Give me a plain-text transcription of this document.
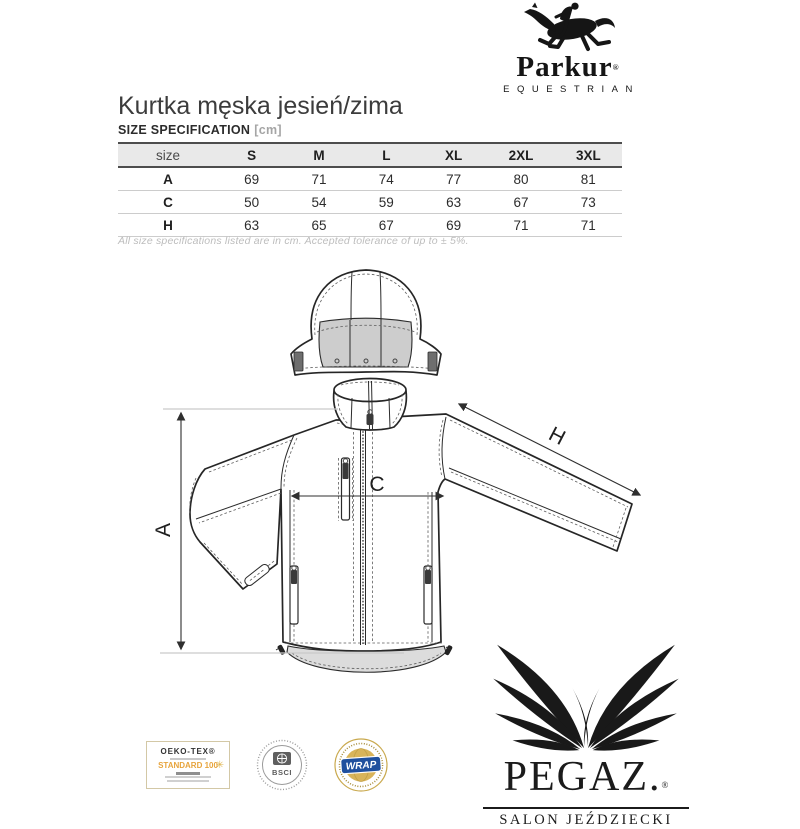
Parkur®
EQUESTRIAN
Kurtka męska jesień/zima
SIZE SPECIFICATION [cm]
size	S	M	L	XL	2XL	3XL
A	69	71	74	77	80	81
C	50	54	59	63	67	73
H	63	65	67	69	71	71
All size specifications listed are in cm. Accepted tolerance of up to ± 5%.
A
C
H
OEKO-TEX®
STANDARD 100
✳
BSCI	WRAP	PEGAZ.®
SALON JEŹDZIECKI
